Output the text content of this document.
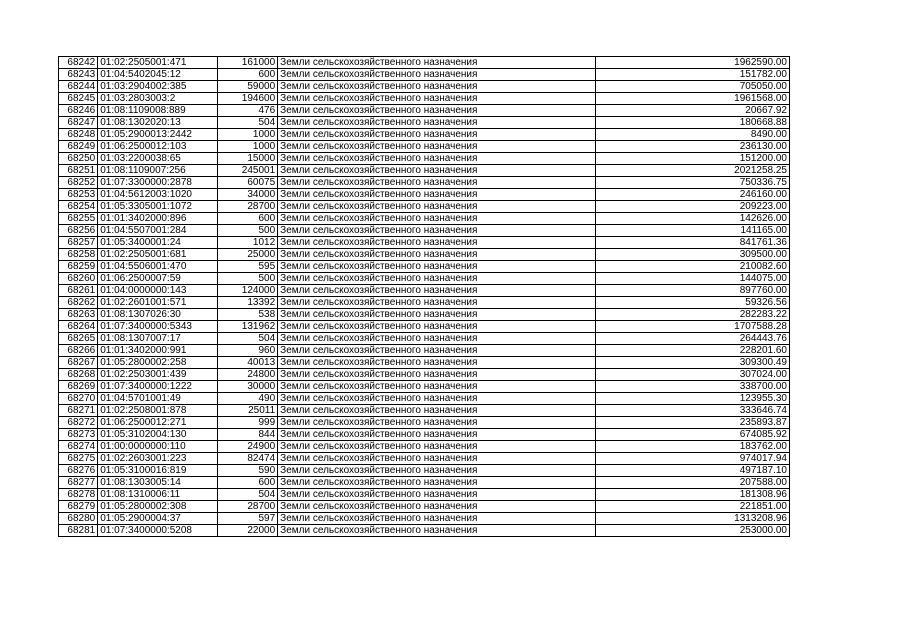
68242	01:02:2505001:471	161000	Земли сельскохозяйственного назначения	1962590.00
68243	01:04:5402045:12	600	Земли сельскохозяйственного назначения	151782.00
68244	01:03:2904002:385	59000	Земли сельскохозяйственного назначения	705050.00
68245	01:03:2803003:2	194600	Земли сельскохозяйственного назначения	1961568.00
68246	01:08:1109008:889	476	Земли сельскохозяйственного назначения	20667.92
68247	01:08:1302020:13	504	Земли сельскохозяйственного назначения	180668.88
68248	01:05:2900013:2442	1000	Земли сельскохозяйственного назначения	8490.00
68249	01:06:2500012:103	1000	Земли сельскохозяйственного назначения	236130.00
68250	01:03:2200038:65	15000	Земли сельскохозяйственного назначения	151200.00
68251	01:08:1109007:256	245001	Земли сельскохозяйственного назначения	2021258.25
68252	01:07:3300000:2878	60075	Земли сельскохозяйственного назначения	750336.75
68253	01:04:5612003:1020	34000	Земли сельскохозяйственного назначения	246160.00
68254	01:05:3305001:1072	28700	Земли сельскохозяйственного назначения	209223.00
68255	01:01:3402000:896	600	Земли сельскохозяйственного назначения	142626.00
68256	01:04:5507001:284	500	Земли сельскохозяйственного назначения	141165.00
68257	01:05:3400001:24	1012	Земли сельскохозяйственного назначения	841761.36
68258	01:02:2505001:681	25000	Земли сельскохозяйственного назначения	309500.00
68259	01:04:5506001:470	595	Земли сельскохозяйственного назначения	210082.60
68260	01:06:2500007:59	500	Земли сельскохозяйственного назначения	144075.00
68261	01:04:0000000:143	124000	Земли сельскохозяйственного назначения	897760.00
68262	01:02:2601001:571	13392	Земли сельскохозяйственного назначения	59326.56
68263	01:08:1307026:30	538	Земли сельскохозяйственного назначения	282283.22
68264	01:07:3400000:5343	131962	Земли сельскохозяйственного назначения	1707588.28
68265	01:08:1307007:17	504	Земли сельскохозяйственного назначения	264443.76
68266	01:01:3402000:991	960	Земли сельскохозяйственного назначения	228201.60
68267	01:05:2800002:258	40013	Земли сельскохозяйственного назначения	309300.49
68268	01:02:2503001:439	24800	Земли сельскохозяйственного назначения	307024.00
68269	01:07:3400000:1222	30000	Земли сельскохозяйственного назначения	338700.00
68270	01:04:5701001:49	490	Земли сельскохозяйственного назначения	123955.30
68271	01:02:2508001:878	25011	Земли сельскохозяйственного назначения	333646.74
68272	01:06:2500012:271	999	Земли сельскохозяйственного назначения	235893.87
68273	01:05:3102004:130	844	Земли сельскохозяйственного назначения	674085.92
68274	01:00:0000000:110	24900	Земли сельскохозяйственного назначения	183762.00
68275	01:02:2603001:223	82474	Земли сельскохозяйственного назначения	974017.94
68276	01:05:3100016:819	590	Земли сельскохозяйственного назначения	497187.10
68277	01:08:1303005:14	600	Земли сельскохозяйственного назначения	207588.00
68278	01:08:1310006:11	504	Земли сельскохозяйственного назначения	181308.96
68279	01:05:2800002:308	28700	Земли сельскохозяйственного назначения	221851.00
68280	01:05:2900004:37	597	Земли сельскохозяйственного назначения	1313208.96
68281	01:07:3400000:5208	22000	Земли сельскохозяйственного назначения	253000.00
